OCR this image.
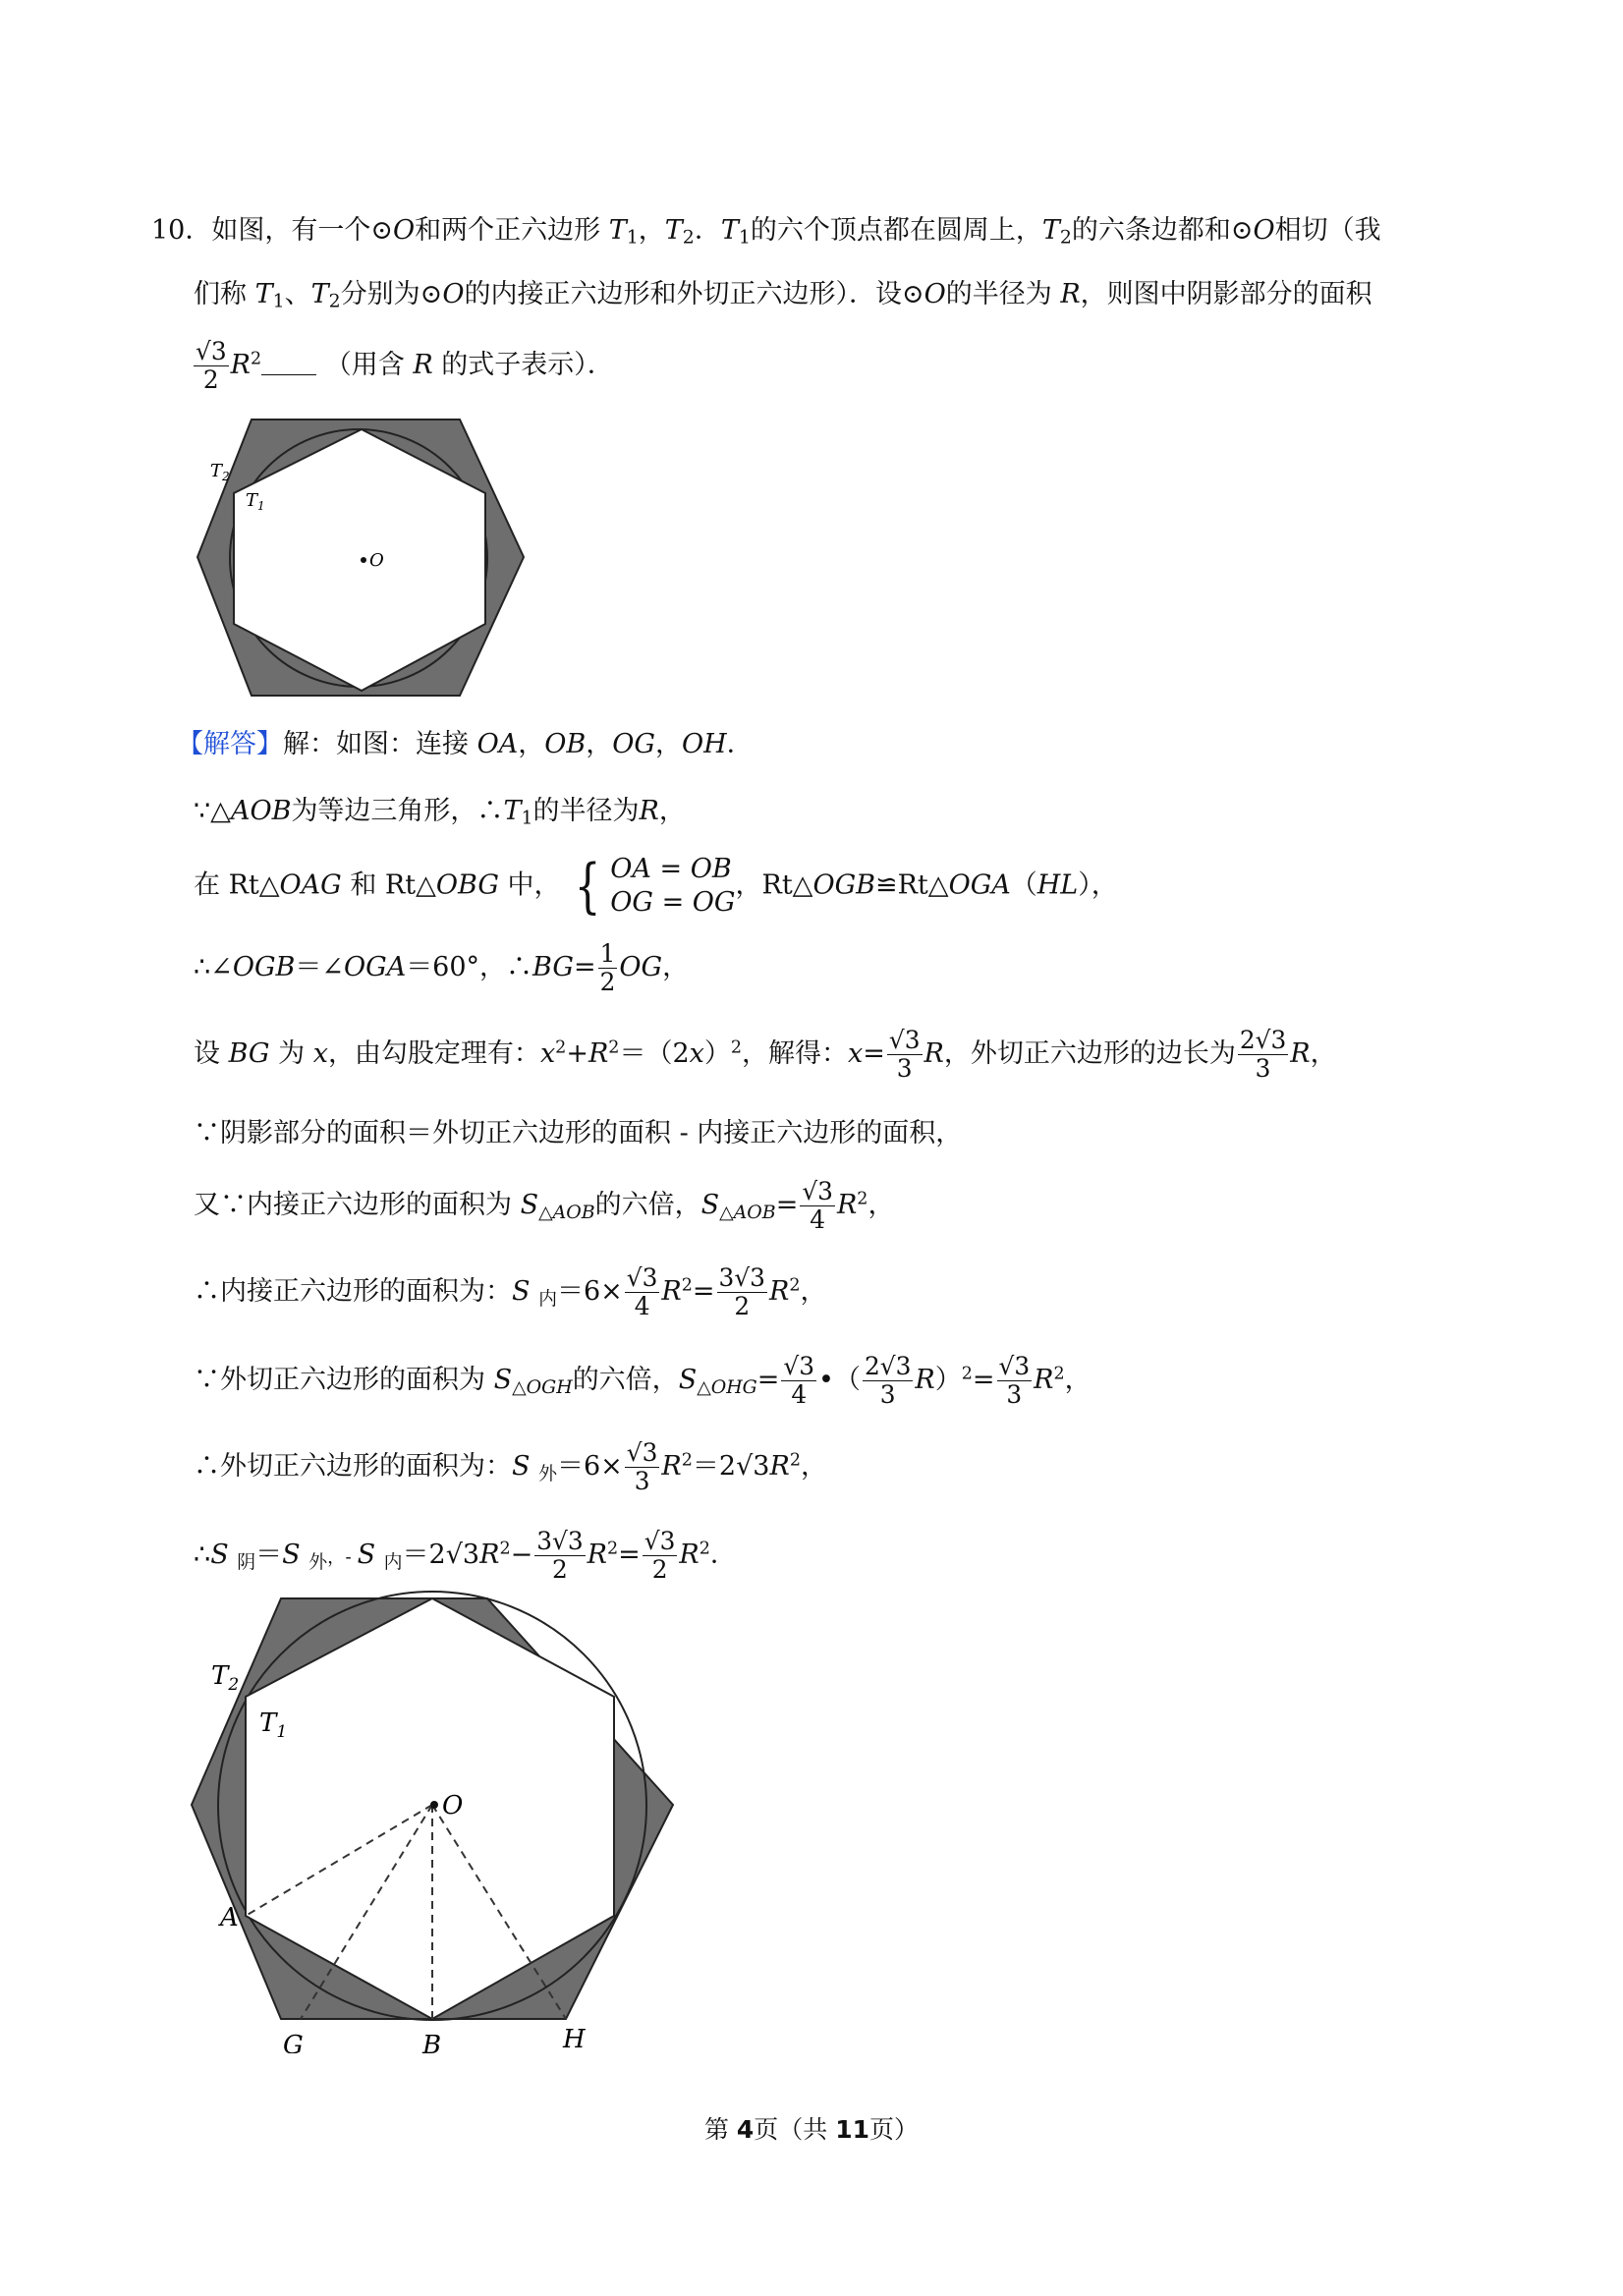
10．如图，有一个⊙O和两个正六边形 $T_1$，$T_2$．$T_1$的六个顶点都在圆周上，$T_2$的六条边都和⊙O相切（我
们称 $T_1$、$T_2$分别为⊙O的内接正六边形和外切正六边形）．设⊙O的半径为 R，则图中阴影部分的面积
$\frac{√3}{2} R^2$ （用含 R 的式子表示）．
O
$T_2$
$T_1$
【解答】解：如图：连接 OA，OB，OG，OH．
∵△AOB为等边三角形，$\therefore T_1$的半径为R，
在 Rt△OAG 和 Rt△OBG 中， { OA = OB
OG = OG
，Rt△OGB≌Rt△OGA（HL），
∴∠OGB＝∠OGA＝60°，∴BG= $\frac{1}{2}$ OG，
设 BG 为 x，由勾股定理有：$x^2+R^2=(2x)^2$，解得：$x= \frac{√3}{3}$ R，外切正六边形的边长为 $\frac{2√3}{3}$ R，
∵阴影部分的面积＝外切正六边形的面积 - 内接正六边形的面积，
又∵内接正六边形的面积为 $S_{\triangle AOB}$的六倍，$S_{\triangle AOB}= \frac{√3}{4} R^2$，
∴内接正六边形的面积为：S $_内=6\times \frac{√3}{4} R^2= \frac{3√3}{2} R^2$，
∵外切正六边形的面积为 $S_{\triangle OGH}$的六倍，$S_{\triangle OHG}= \frac{√3}{4}$ •（ $\frac{2√3}{3} R)^2= \frac{√3}{3} R^2$，
∴外切正六边形的面积为：S $_外=6\times \frac{√3}{3} R^2=2√3R^2$，
∴S $_阴$＝S $_外$，- S $_内=2√3R^2- \frac{3√3}{2} R^2= \frac{√3}{2} R^2$．
O
$T_2$
$T_1$
A
G	B	H
第 4页（共 11页）
